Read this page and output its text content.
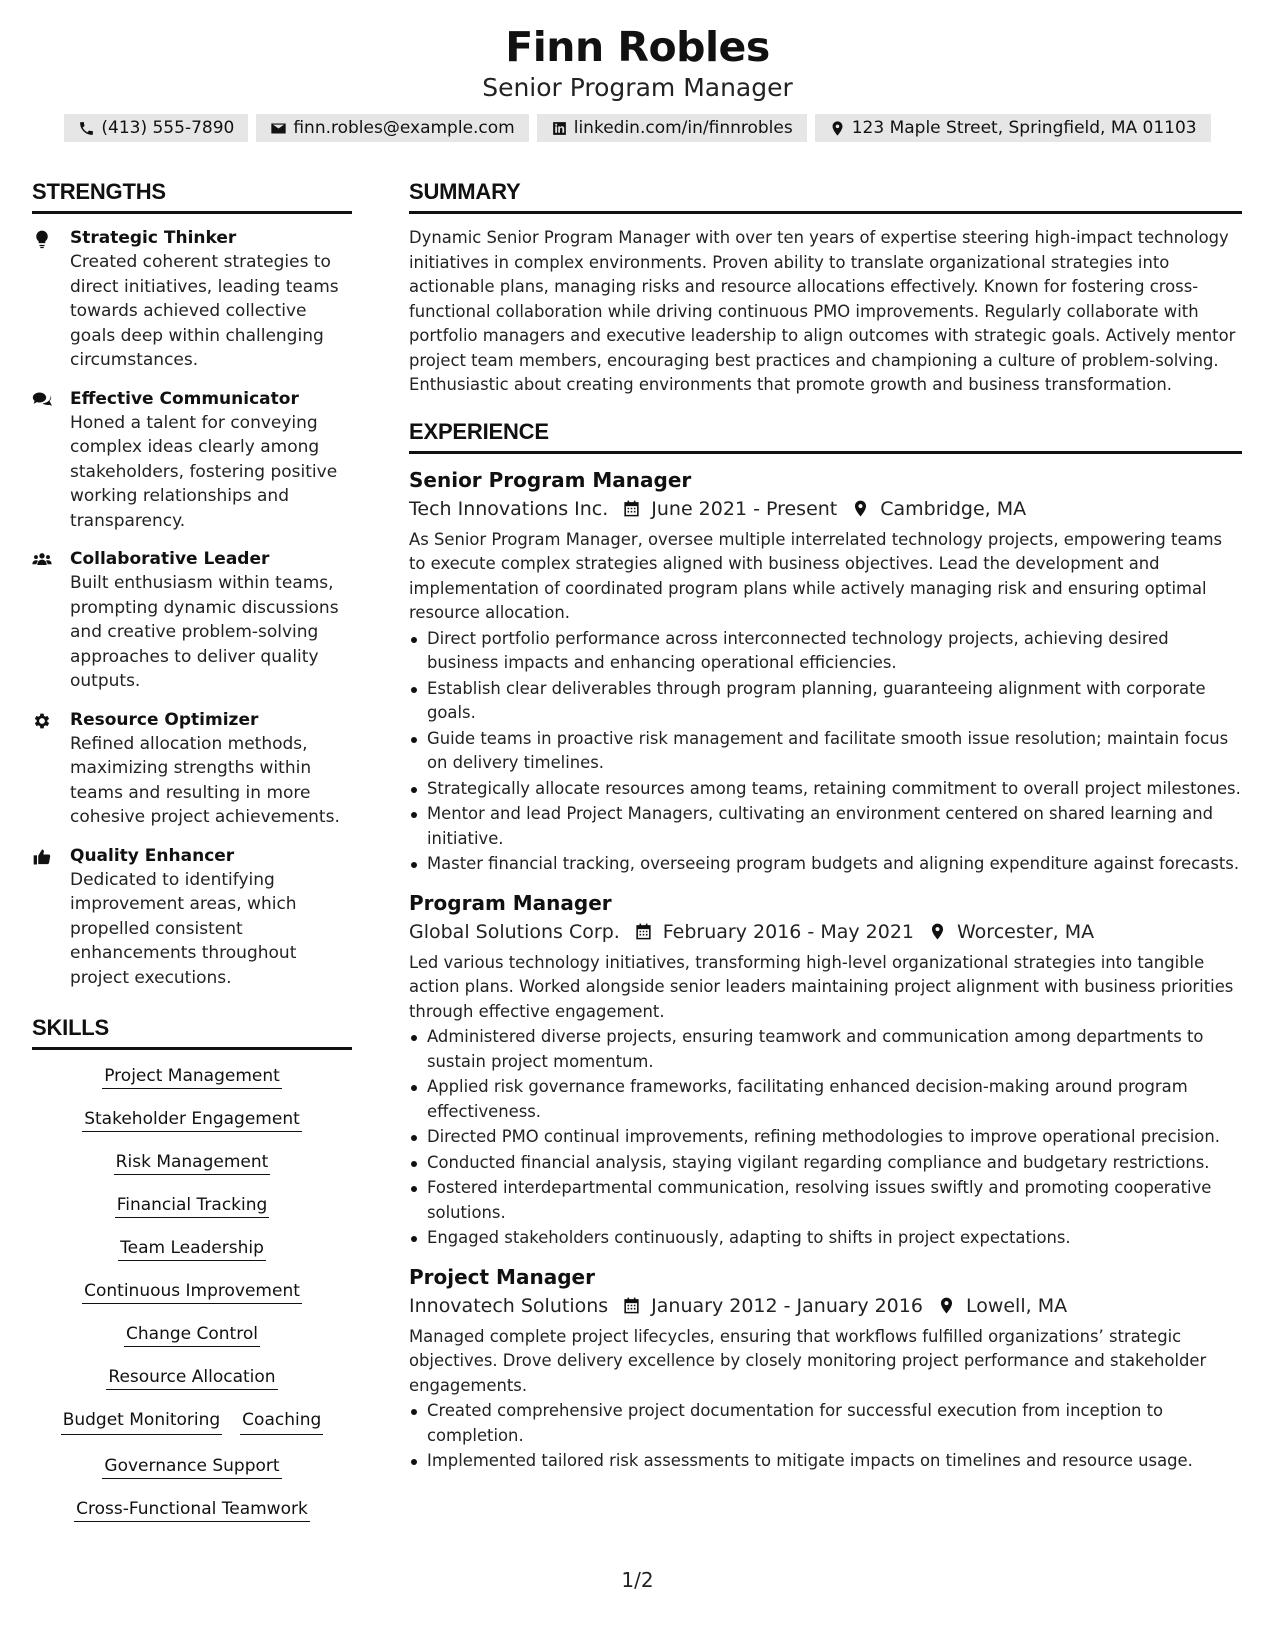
Finn Robles
Senior Program Manager
(413) 555-7890	finn.robles@example.com	linkedin.com/in/finnrobles	123 Maple Street, Springfield, MA 01103
STRENGTHS
Strategic Thinker
Created coherent strategies to direct initiatives, leading teams towards achieved collective goals deep within challenging circumstances.
Effective Communicator
Honed a talent for conveying complex ideas clearly among stakeholders, fostering positive working relationships and transparency.
Collaborative Leader
Built enthusiasm within teams, prompting dynamic discussions and creative problem-solving approaches to deliver quality outputs.
Resource Optimizer
Refined allocation methods, maximizing strengths within teams and resulting in more cohesive project achievements.
Quality Enhancer
Dedicated to identifying improvement areas, which propelled consistent enhancements throughout project executions.
SKILLS
Project Management
Stakeholder Engagement
Risk Management
Financial Tracking
Team Leadership
Continuous Improvement
Change Control
Resource Allocation
Budget Monitoring Coaching
Governance Support
Cross-Functional Teamwork
SUMMARY
Dynamic Senior Program Manager with over ten years of expertise steering high-impact technology initiatives in complex environments. Proven ability to translate organizational strategies into actionable plans, managing risks and resource allocations effectively. Known for fostering cross-functional collaboration while driving continuous PMO improvements. Regularly collaborate with portfolio managers and executive leadership to align outcomes with strategic goals. Actively mentor project team members, encouraging best practices and championing a culture of problem-solving. Enthusiastic about creating environments that promote growth and business transformation.
EXPERIENCE
Senior Program Manager
Tech Innovations Inc. June 2021 - Present Cambridge, MA
As Senior Program Manager, oversee multiple interrelated technology projects, empowering teams to execute complex strategies aligned with business objectives. Lead the development and implementation of coordinated program plans while actively managing risk and ensuring optimal resource allocation.
Direct portfolio performance across interconnected technology projects, achieving desired business impacts and enhancing operational efficiencies.
Establish clear deliverables through program planning, guaranteeing alignment with corporate goals.
Guide teams in proactive risk management and facilitate smooth issue resolution; maintain focus on delivery timelines.
Strategically allocate resources among teams, retaining commitment to overall project milestones.
Mentor and lead Project Managers, cultivating an environment centered on shared learning and initiative.
Master financial tracking, overseeing program budgets and aligning expenditure against forecasts.
Program Manager
Global Solutions Corp. February 2016 - May 2021 Worcester, MA
Led various technology initiatives, transforming high-level organizational strategies into tangible action plans. Worked alongside senior leaders maintaining project alignment with business priorities through effective engagement.
Administered diverse projects, ensuring teamwork and communication among departments to sustain project momentum.
Applied risk governance frameworks, facilitating enhanced decision-making around program effectiveness.
Directed PMO continual improvements, refining methodologies to improve operational precision.
Conducted financial analysis, staying vigilant regarding compliance and budgetary restrictions.
Fostered interdepartmental communication, resolving issues swiftly and promoting cooperative solutions.
Engaged stakeholders continuously, adapting to shifts in project expectations.
Project Manager
Innovatech Solutions January 2012 - January 2016 Lowell, MA
Managed complete project lifecycles, ensuring that workflows fulfilled organizations’ strategic objectives. Drove delivery excellence by closely monitoring project performance and stakeholder engagements.
Created comprehensive project documentation for successful execution from inception to completion.
Implemented tailored risk assessments to mitigate impacts on timelines and resource usage.
1/2
